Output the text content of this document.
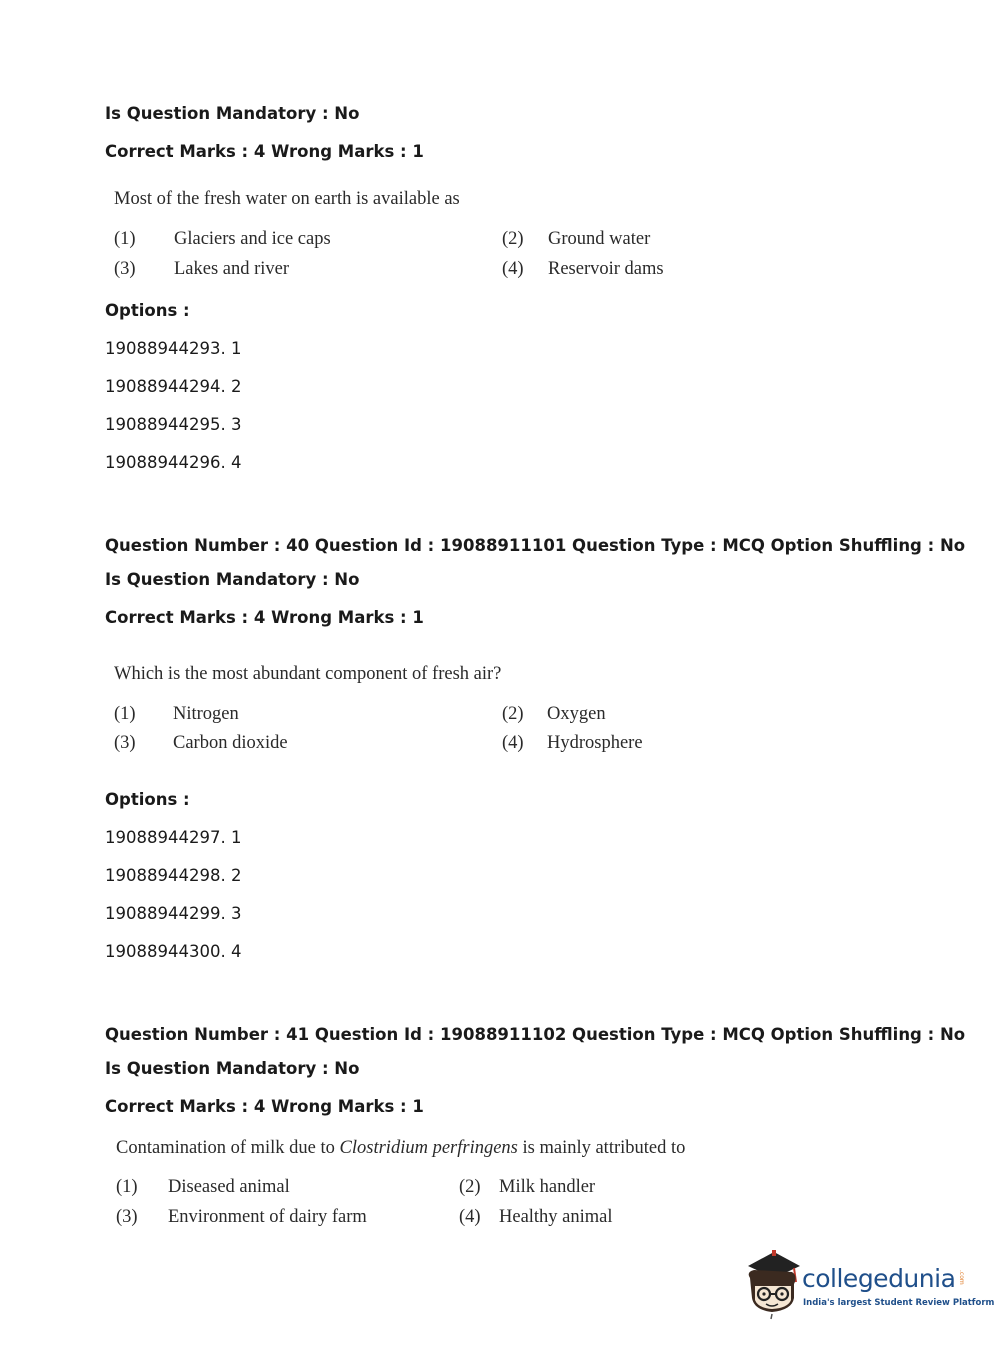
Is Question Mandatory : No
Correct Marks : 4 Wrong Marks : 1
Most of the fresh water on earth is available as
(1) Glaciers and ice caps	(2) Ground water
(3) Lakes and river	(4) Reservoir dams
Options :
19088944293. 1
19088944294. 2
19088944295. 3
19088944296. 4
Question Number : 40 Question Id : 19088911101 Question Type : MCQ Option Shuffling : No
Is Question Mandatory : No
Correct Marks : 4 Wrong Marks : 1
Which is the most abundant component of fresh air?
(1) Nitrogen	(2) Oxygen
(3) Carbon dioxide	(4) Hydrosphere
Options :
19088944297. 1
19088944298. 2
19088944299. 3
19088944300. 4
Question Number : 41 Question Id : 19088911102 Question Type : MCQ Option Shuffling : No
Is Question Mandatory : No
Correct Marks : 4 Wrong Marks : 1
Contamination of milk due to Clostridium perfringens is mainly attributed to
(1) Diseased animal	(2) Milk handler
(3) Environment of dairy farm	(4) Healthy animal
collegedunia .com
India's largest Student Review Platform
